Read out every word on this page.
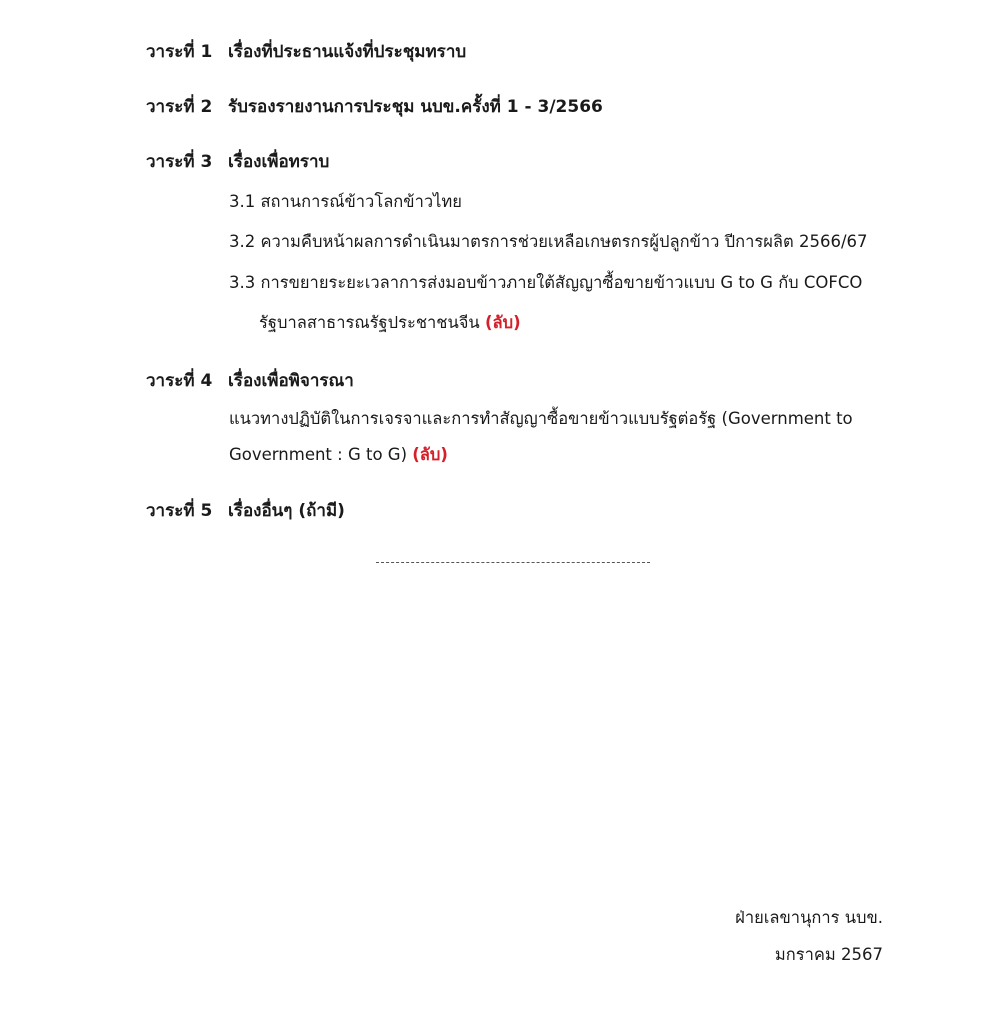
วาระที่ 1 เรื่องที่ประธานแจ้งที่ประชุมทราบ
วาระที่ 2 รับรองรายงานการประชุม นบข.ครั้งที่ 1 - 3/2566
วาระที่ 3 เรื่องเพื่อทราบ
3.1 สถานการณ์ข้าวโลกข้าวไทย
3.2 ความคืบหน้าผลการดำเนินมาตรการช่วยเหลือเกษตรกรผู้ปลูกข้าว ปีการผลิต 2566/67
3.3 การขยายระยะเวลาการส่งมอบข้าวภายใต้สัญญาซื้อขายข้าวแบบ G to G กับ COFCO
รัฐบาลสาธารณรัฐประชาชนจีน (ลับ)
วาระที่ 4 เรื่องเพื่อพิจารณา
แนวทางปฏิบัติในการเจรจาและการทำสัญญาซื้อขายข้าวแบบรัฐต่อรัฐ (Government to
Government : G to G) (ลับ)
วาระที่ 5 เรื่องอื่นๆ (ถ้ามี)
ฝ่ายเลขานุการ นบข.
มกราคม 2567
